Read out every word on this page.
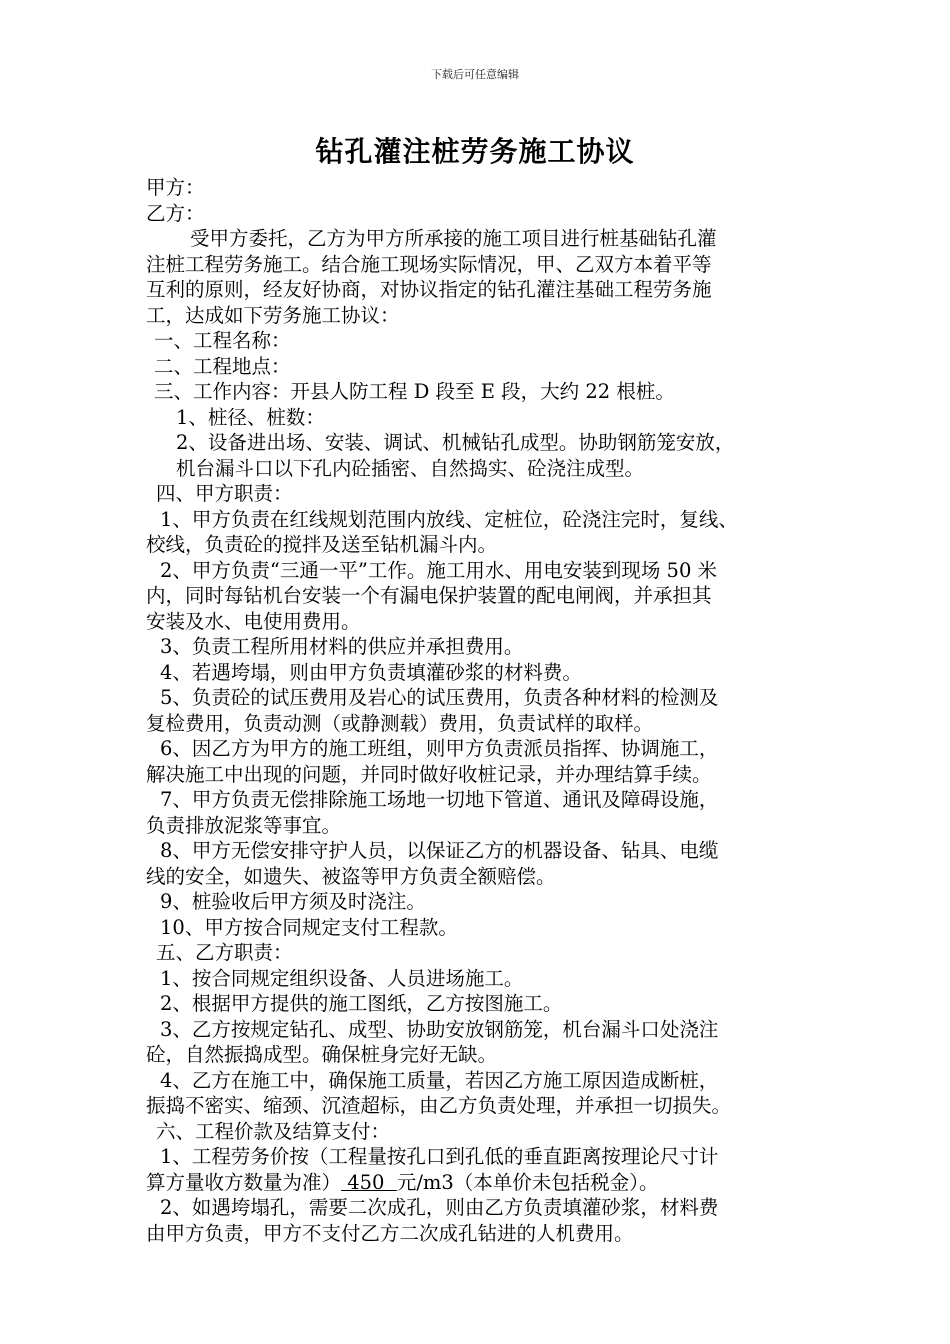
下载后可任意编辑
钻孔灌注桩劳务施工协议
甲方：
乙方：
受甲方委托，乙方为甲方所承接的施工项目进行桩基础钻孔灌
注桩工程劳务施工。结合施工现场实际情况，甲、乙双方本着平等
互利的原则，经友好协商，对协议指定的钻孔灌注基础工程劳务施
工，达成如下劳务施工协议：
一、工程名称：
二、工程地点：
三、工作内容：开县人防工程 D 段至 E 段，大约 22 根桩。
1、桩径、桩数：
2、设备进出场、安装、调试、机械钻孔成型。协助钢筋笼安放，
机台漏斗口以下孔内砼插密、自然捣实、砼浇注成型。
四、甲方职责：
1、甲方负责在红线规划范围内放线、定桩位，砼浇注完时，复线、
校线，负责砼的搅拌及送至钻机漏斗内。
2、甲方负责“三通一平”工作。施工用水、用电安装到现场 50 米
内，同时每钻机台安装一个有漏电保护装置的配电闸阀，并承担其
安装及水、电使用费用。
3、负责工程所用材料的供应并承担费用。
4、若遇垮塌，则由甲方负责填灌砂浆的材料费。
5、负责砼的试压费用及岩心的试压费用，负责各种材料的检测及
复检费用，负责动测（或静测载）费用，负责试样的取样。
6、因乙方为甲方的施工班组，则甲方负责派员指挥、协调施工，
解决施工中出现的问题，并同时做好收桩记录，并办理结算手续。
7、甲方负责无偿排除施工场地一切地下管道、通讯及障碍设施，
负责排放泥浆等事宜。
8、甲方无偿安排守护人员，以保证乙方的机器设备、钻具、电缆
线的安全，如遗失、被盗等甲方负责全额赔偿。
9、桩验收后甲方须及时浇注。
10、甲方按合同规定支付工程款。
五、乙方职责：
1、按合同规定组织设备、人员进场施工。
2、根据甲方提供的施工图纸，乙方按图施工。
3、乙方按规定钻孔、成型、协助安放钢筋笼，机台漏斗口处浇注
砼，自然振捣成型。确保桩身完好无缺。
4、乙方在施工中，确保施工质量，若因乙方施工原因造成断桩，
振捣不密实、缩颈、沉渣超标，由乙方负责处理，并承担一切损失。
六、工程价款及结算支付：
1、工程劳务价按（工程量按孔口到孔低的垂直距离按理论尺寸计
算方量收方数量为准） 450  元/m3（本单价未包括税金）。
2、如遇垮塌孔，需要二次成孔，则由乙方负责填灌砂浆，材料费
由甲方负责，甲方不支付乙方二次成孔钻进的人机费用。
